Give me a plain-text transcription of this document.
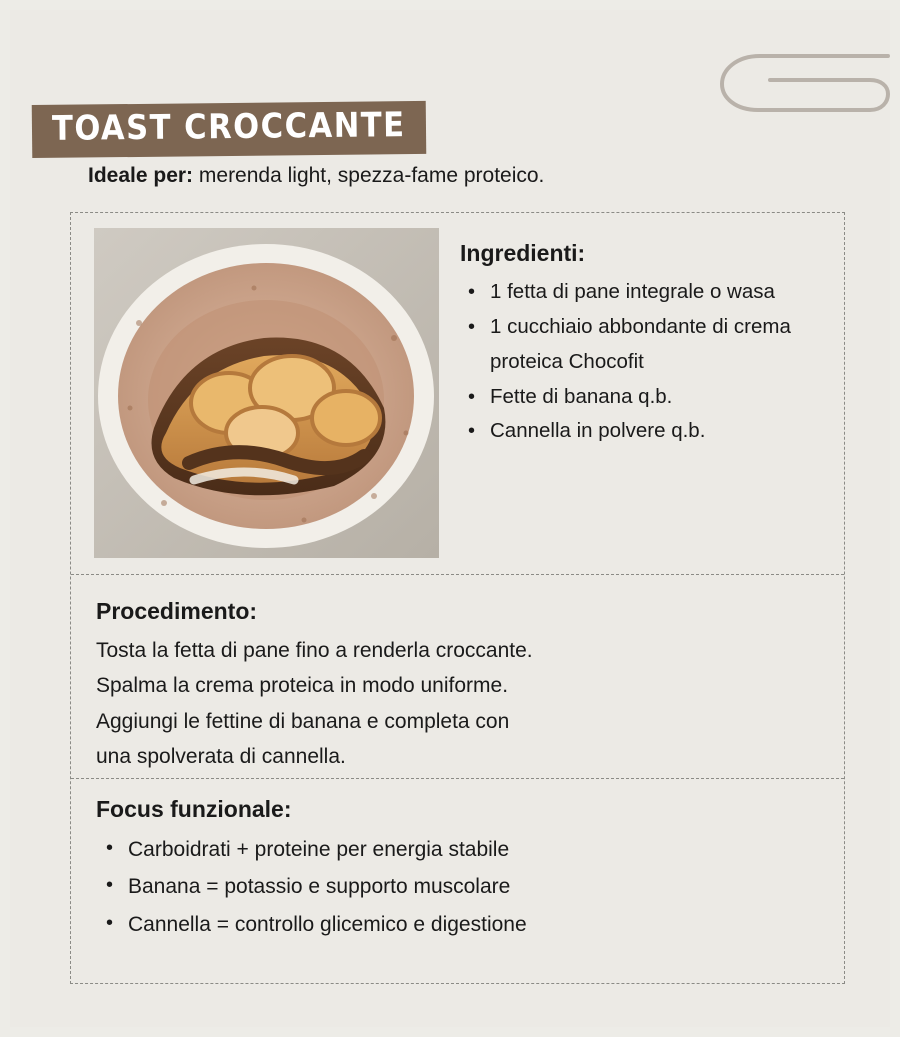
TOAST CROCCANTE
Ideale per: merenda light, spezza-fame proteico.
Ingredienti:
• 1 fetta di pane integrale o wasa
• 1 cucchiaio abbondante di crema proteica Chocofit
• Fette di banana q.b.
• Cannella in polvere q.b.
Procedimento:

Tosta la fetta di pane fino a renderla croccante.

Spalma la crema proteica in modo uniforme.

Aggiungi le fettine di banana e completa con

una spolverata di cannella.

Focus funzionale:
• Carboidrati + proteine per energia stabile
• Banana = potassio e supporto muscolare
• Cannella = controllo glicemico e digestione
